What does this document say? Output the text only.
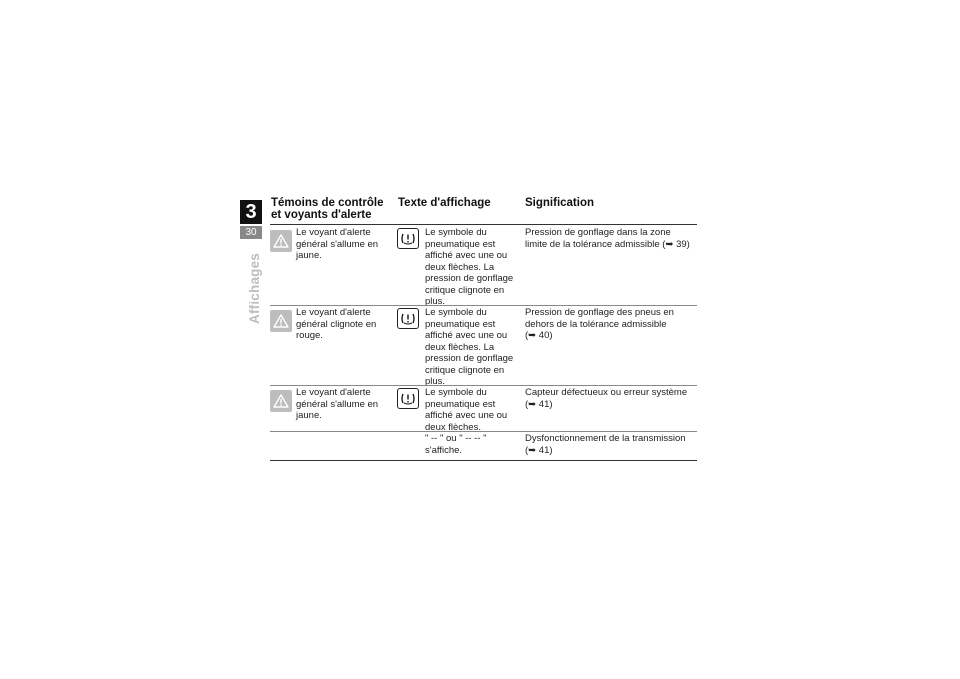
3
30
Affichages
Témoins de contrôle et voyants d'alerte
Texte d'affichage	Signification
Le voyant d'alerte général s'allume en jaune.
Le symbole du pneumatique est affiché avec une ou deux flèches. La pression de gonflage critique clignote en plus.
Pression de gonflage dans la zone limite de la tolérance admissible (➥ 39)
Le voyant d'alerte général clignote en rouge.
Le symbole du pneumatique est affiché avec une ou deux flèches. La pression de gonflage critique clignote en plus.
Pression de gonflage des pneus en dehors de la tolérance admissible (➥ 40)
Le voyant d'alerte général s'allume en jaune.
Le symbole du pneumatique est affiché avec une ou deux flèches.
Capteur défectueux ou erreur système (➥ 41)
" -- " ou " -- -- " s'affiche.
Dysfonctionnement de la transmission (➥ 41)
